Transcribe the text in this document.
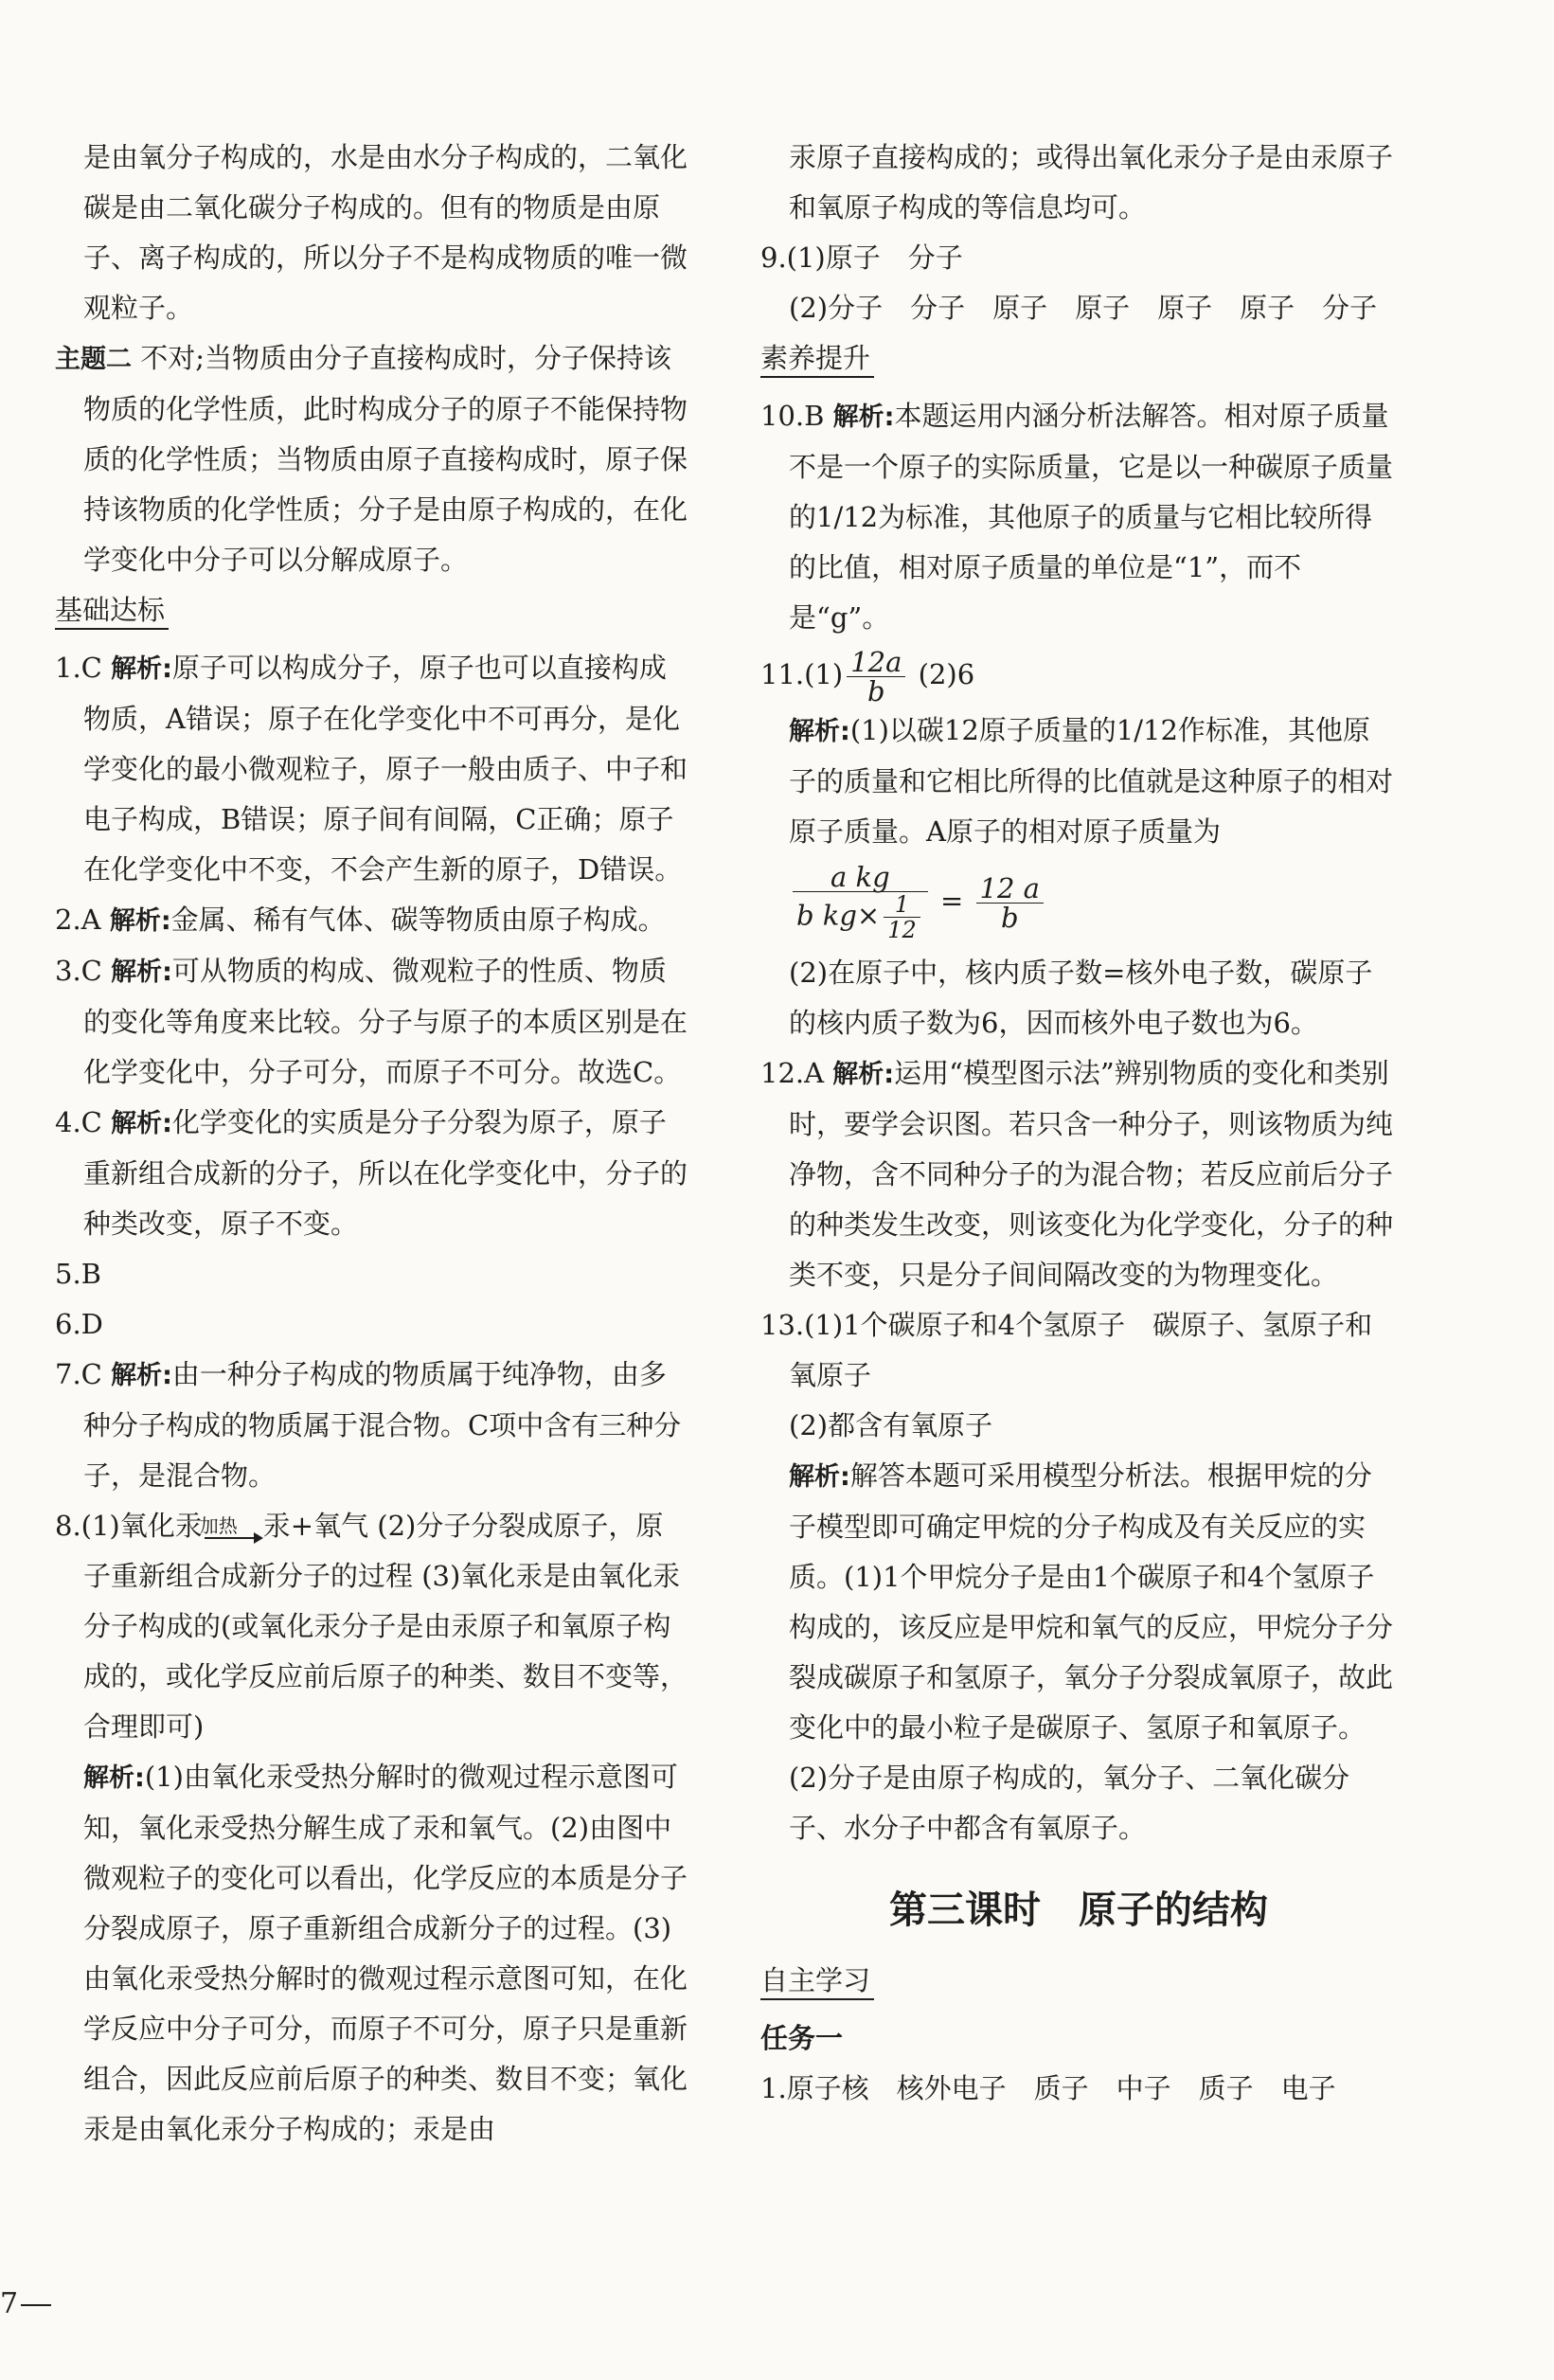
是由氧分子构成的，水是由水分子构成的，二氧化碳是由二氧化碳分子构成的。但有的物质是由原子、离子构成的，所以分子不是构成物质的唯一微观粒子。

主题二 不对;当物质由分子直接构成时，分子保持该物质的化学性质，此时构成分子的原子不能保持物质的化学性质；当物质由原子直接构成时，原子保持该物质的化学性质；分子是由原子构成的，在化学变化中分子可以分解成原子。

基础达标

1.C 解析:原子可以构成分子，原子也可以直接构成物质，A错误；原子在化学变化中不可再分，是化学变化的最小微观粒子，原子一般由质子、中子和电子构成，B错误；原子间有间隔，C正确；原子在化学变化中不变，不会产生新的原子，D错误。

2.A 解析:金属、稀有气体、碳等物质由原子构成。

3.C 解析:可从物质的构成、微观粒子的性质、物质的变化等角度来比较。分子与原子的本质区别是在化学变化中，分子可分，而原子不可分。故选C。

4.C 解析:化学变化的实质是分子分裂为原子，原子重新组合成新的分子，所以在化学变化中，分子的种类改变，原子不变。

5.B

6.D

7.C 解析:由一种分子构成的物质属于纯净物，由多种分子构成的物质属于混合物。C项中含有三种分子，是混合物。

8.(1)氧化汞
加热 汞+氧气 (2)分子分裂成原子，原子重新组合成新分子的过程 (3)氧化汞是由氧化汞分子构成的(或氧化汞分子是由汞原子和氧原子构成的，或化学反应前后原子的种类、数目不变等，合理即可)

解析:(1)由氧化汞受热分解时的微观过程示意图可知，氧化汞受热分解生成了汞和氧气。(2)由图中微观粒子的变化可以看出，化学反应的本质是分子分裂成原子，原子重新组合成新分子的过程。(3)由氧化汞受热分解时的微观过程示意图可知，在化学反应中分子可分，而原子不可分，原子只是重新组合，因此反应前后原子的种类、数目不变；氧化汞是由氧化汞分子构成的；汞是由

汞原子直接构成的；或得出氧化汞分子是由汞原子和氧原子构成的等信息均可。

9.(1)原子　分子

(2)分子　分子　原子　原子　原子　原子　分子

素养提升

10.B 解析:本题运用内涵分析法解答。相对原子质量不是一个原子的实际质量，它是以一种碳原子质量的1/12为标准，其他原子的质量与它相比较所得的比值，相对原子质量的单位是“1”，而不是“g”。

$11.(1) \frac{12a}{b} (2)6$

解析:(1)以碳12原子质量的1/12作标准，其他原子的质量和它相比所得的比值就是这种原子的相对原子质量。A原子的相对原子质量为

$\frac{\text{a kg}}{b kg\times \frac{1}{12}} = \frac{12 a}{b}$

(2)在原子中，核内质子数=核外电子数，碳原子的核内质子数为6，因而核外电子数也为6。

12.A 解析:运用“模型图示法”辨别物质的变化和类别时，要学会识图。若只含一种分子，则该物质为纯净物，含不同种分子的为混合物；若反应前后分子的种类发生改变，则该变化为化学变化，分子的种类不变，只是分子间间隔改变的为物理变化。

13.(1)1个碳原子和4个氢原子　碳原子、氢原子和氧原子

(2)都含有氧原子

解析:解答本题可采用模型分析法。根据甲烷的分子模型即可确定甲烷的分子构成及有关反应的实质。(1)1个甲烷分子是由1个碳原子和4个氢原子构成的，该反应是甲烷和氧气的反应，甲烷分子分裂成碳原子和氢原子，氧分子分裂成氧原子，故此变化中的最小粒子是碳原子、氢原子和氧原子。

(2)分子是由原子构成的，氧分子、二氧化碳分子、水分子中都含有氧原子。

第三课时　原子的结构
自主学习

任务一

1.原子核　核外电子　质子　中子　质子　电子

7
